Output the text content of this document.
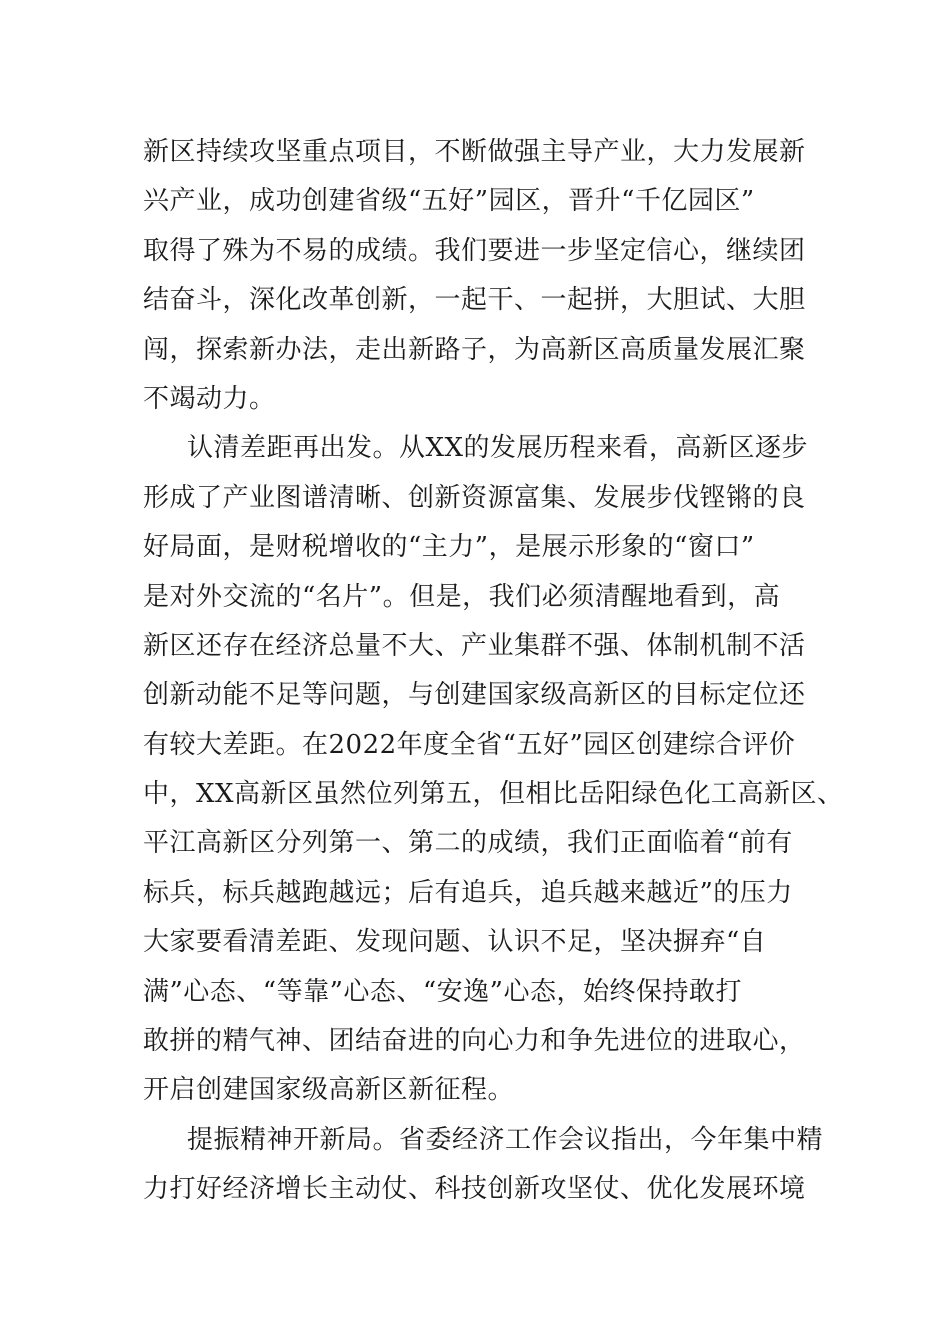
新区持续攻坚重点项目，不断做强主导产业，大力发展新
兴产业，成功创建省级“五好”园区，晋升“千亿园区”
取得了殊为不易的成绩。我们要进一步坚定信心，继续团
结奋斗，深化改革创新，一起干、一起拼，大胆试、大胆
闯，探索新办法，走出新路子，为高新区高质量发展汇聚
不竭动力。
认清差距再出发。从XX的发展历程来看，高新区逐步
形成了产业图谱清晰、创新资源富集、发展步伐铿锵的良
好局面，是财税增收的“主力”，是展示形象的“窗口”
是对外交流的“名片”。但是，我们必须清醒地看到，高
新区还存在经济总量不大、产业集群不强、体制机制不活
创新动能不足等问题，与创建国家级高新区的目标定位还
有较大差距。在2022年度全省“五好”园区创建综合评价
中，XX高新区虽然位列第五，但相比岳阳绿色化工高新区、
平江高新区分列第一、第二的成绩，我们正面临着“前有
标兵，标兵越跑越远；后有追兵，追兵越来越近”的压力
大家要看清差距、发现问题、认识不足，坚决摒弃“自
满”心态、“等靠”心态、“安逸”心态，始终保持敢打
敢拼的精气神、团结奋进的向心力和争先进位的进取心，
开启创建国家级高新区新征程。
提振精神开新局。省委经济工作会议指出，今年集中精
力打好经济增长主动仗、科技创新攻坚仗、优化发展环境
